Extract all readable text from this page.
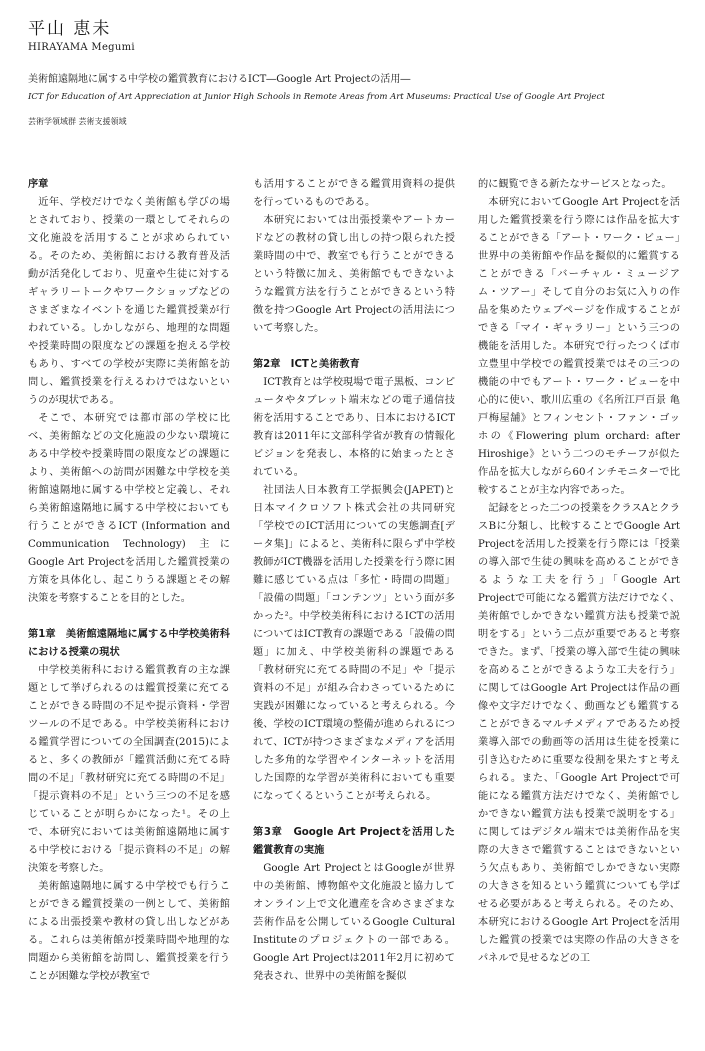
平山 恵未
HIRAYAMA Megumi
美術館遠隔地に属する中学校の鑑賞教育におけるICT―Google Art Projectの活用―
ICT for Education of Art Appreciation at Junior High Schools in Remote Areas from Art Museums: Practical Use of Google Art Project
芸術学領域群 芸術支援領域
序章

近年、学校だけでなく美術館も学びの場とされており、授業の一環としてそれらの文化施設を活用することが求められている。そのため、美術館における教育普及活動が活発化しており、児童や生徒に対するギャラリートークやワークショップなどのさまざまなイベントを通じた鑑賞授業が行われている。しかしながら、地理的な問題や授業時間の限度などの課題を抱える学校もあり、すべての学校が実際に美術館を訪問し、鑑賞授業を行えるわけではないというのが現状である。

そこで、本研究では都市部の学校に比べ、美術館などの文化施設の少ない環境にある中学校や授業時間の限度などの課題により、美術館への訪問が困難な中学校を美術館遠隔地に属する中学校と定義し、それら美術館遠隔地に属する中学校においても行うことができるICT (Information and Communication Technology) 主にGoogle Art Projectを活用した鑑賞授業の方策を具体化し、起こりうる課題とその解決策を考察することを目的とした。

第1章　美術館遠隔地に属する中学校美術科における授業の現状

中学校美術科における鑑賞教育の主な課題として挙げられるのは鑑賞授業に充てることができる時間の不足や提示資料・学習ツールの不足である。中学校美術科における鑑賞学習についての全国調査(2015)によると、多くの教師が「鑑賞活動に充てる時間の不足」「教材研究に充てる時間の不足」「提示資料の不足」という三つの不足を感じていることが明らかになった¹。その上で、本研究においては美術館遠隔地に属する中学校における「提示資料の不足」の解決策を考察した。

美術館遠隔地に属する中学校でも行うことができる鑑賞授業の一例として、美術館による出張授業や教材の貸し出しなどがある。これらは美術館が授業時間や地理的な問題から美術館を訪問し、鑑賞授業を行うことが困難な学校が教室で

も活用することができる鑑賞用資料の提供を行っているものである。

本研究においては出張授業やアートカードなどの教材の貸し出しの持つ限られた授業時間の中で、教室でも行うことができるという特徴に加え、美術館でもできないような鑑賞方法を行うことができるという特徴を持つGoogle Art Projectの活用法について考察した。

第2章　ICTと美術教育

ICT教育とは学校現場で電子黒板、コンピュータやタブレット端末などの電子通信技術を活用することであり、日本におけるICT教育は2011年に文部科学省が教育の情報化ビジョンを発表し、本格的に始まったとされている。

社団法人日本教育工学振興会(JAPET)と日本マイクロソフト株式会社の共同研究「学校でのICT活用についての実態調査[データ集]」によると、美術科に限らず中学校教師がICT機器を活用した授業を行う際に困難に感じている点は「多忙・時間の問題」「設備の問題」「コンテンツ」という面が多かった²。中学校美術科におけるICTの活用についてはICT教育の課題である「設備の問題」に加え、中学校美術科の課題である「教材研究に充てる時間の不足」や「提示資料の不足」が組み合わさっているために実践が困難になっていると考えられる。今後、学校のICT環境の整備が進められるにつれて、ICTが持つさまざまなメディアを活用した多角的な学習やインターネットを活用した国際的な学習が美術科においても重要になってくるということが考えられる。

第3章　Google Art Projectを活用した鑑賞教育の実施

Google Art ProjectとはGoogleが世界中の美術館、博物館や文化施設と協力してオンライン上で文化遺産を含めさまざまな芸術作品を公開しているGoogle Cultural Instituteのプロジェクトの一部である。Google Art Projectは2011年2月に初めて発表され、世界中の美術館を擬似

的に観覧できる新たなサービスとなった。

本研究においてGoogle Art Projectを活用した鑑賞授業を行う際には作品を拡大することができる「アート・ワーク・ビュー」世界中の美術館や作品を擬似的に鑑賞することができる「バーチャル・ミュージアム・ツアー」そして自分のお気に入りの作品を集めたウェブページを作成することができる「マイ・ギャラリー」という三つの機能を活用した。本研究で行ったつくば市立豊里中学校での鑑賞授業ではその三つの機能の中でもアート・ワーク・ビューを中心的に使い、歌川広重の《名所江戸百景 亀戸梅屋舗》とフィンセント・ファン・ゴッホの《Flowering plum orchard: after Hiroshige》という二つのモチーフが似た作品を拡大しながら60インチモニターで比較することが主な内容であった。

記録をとった二つの授業をクラスAとクラスBに分類し、比較することでGoogle Art Projectを活用した授業を行う際には「授業の導入部で生徒の興味を高めることができるような工夫を行う」「Google Art Projectで可能になる鑑賞方法だけでなく、美術館でしかできない鑑賞方法も授業で説明をする」という二点が重要であると考察できた。まず、「授業の導入部で生徒の興味を高めることができるような工夫を行う」に関してはGoogle Art Projectは作品の画像や文字だけでなく、動画なども鑑賞することができるマルチメディアであるため授業導入部での動画等の活用は生徒を授業に引き込むために重要な役割を果たすと考えられる。また、「Google Art Projectで可能になる鑑賞方法だけでなく、美術館でしかできない鑑賞方法も授業で説明をする」に関してはデジタル端末では美術作品を実際の大きさで鑑賞することはできないという欠点もあり、美術館でしかできない実際の大きさを知るという鑑賞についても学ばせる必要があると考えられる。そのため、本研究におけるGoogle Art Projectを活用した鑑賞の授業では実際の作品の大きさをパネルで見せるなどの工
